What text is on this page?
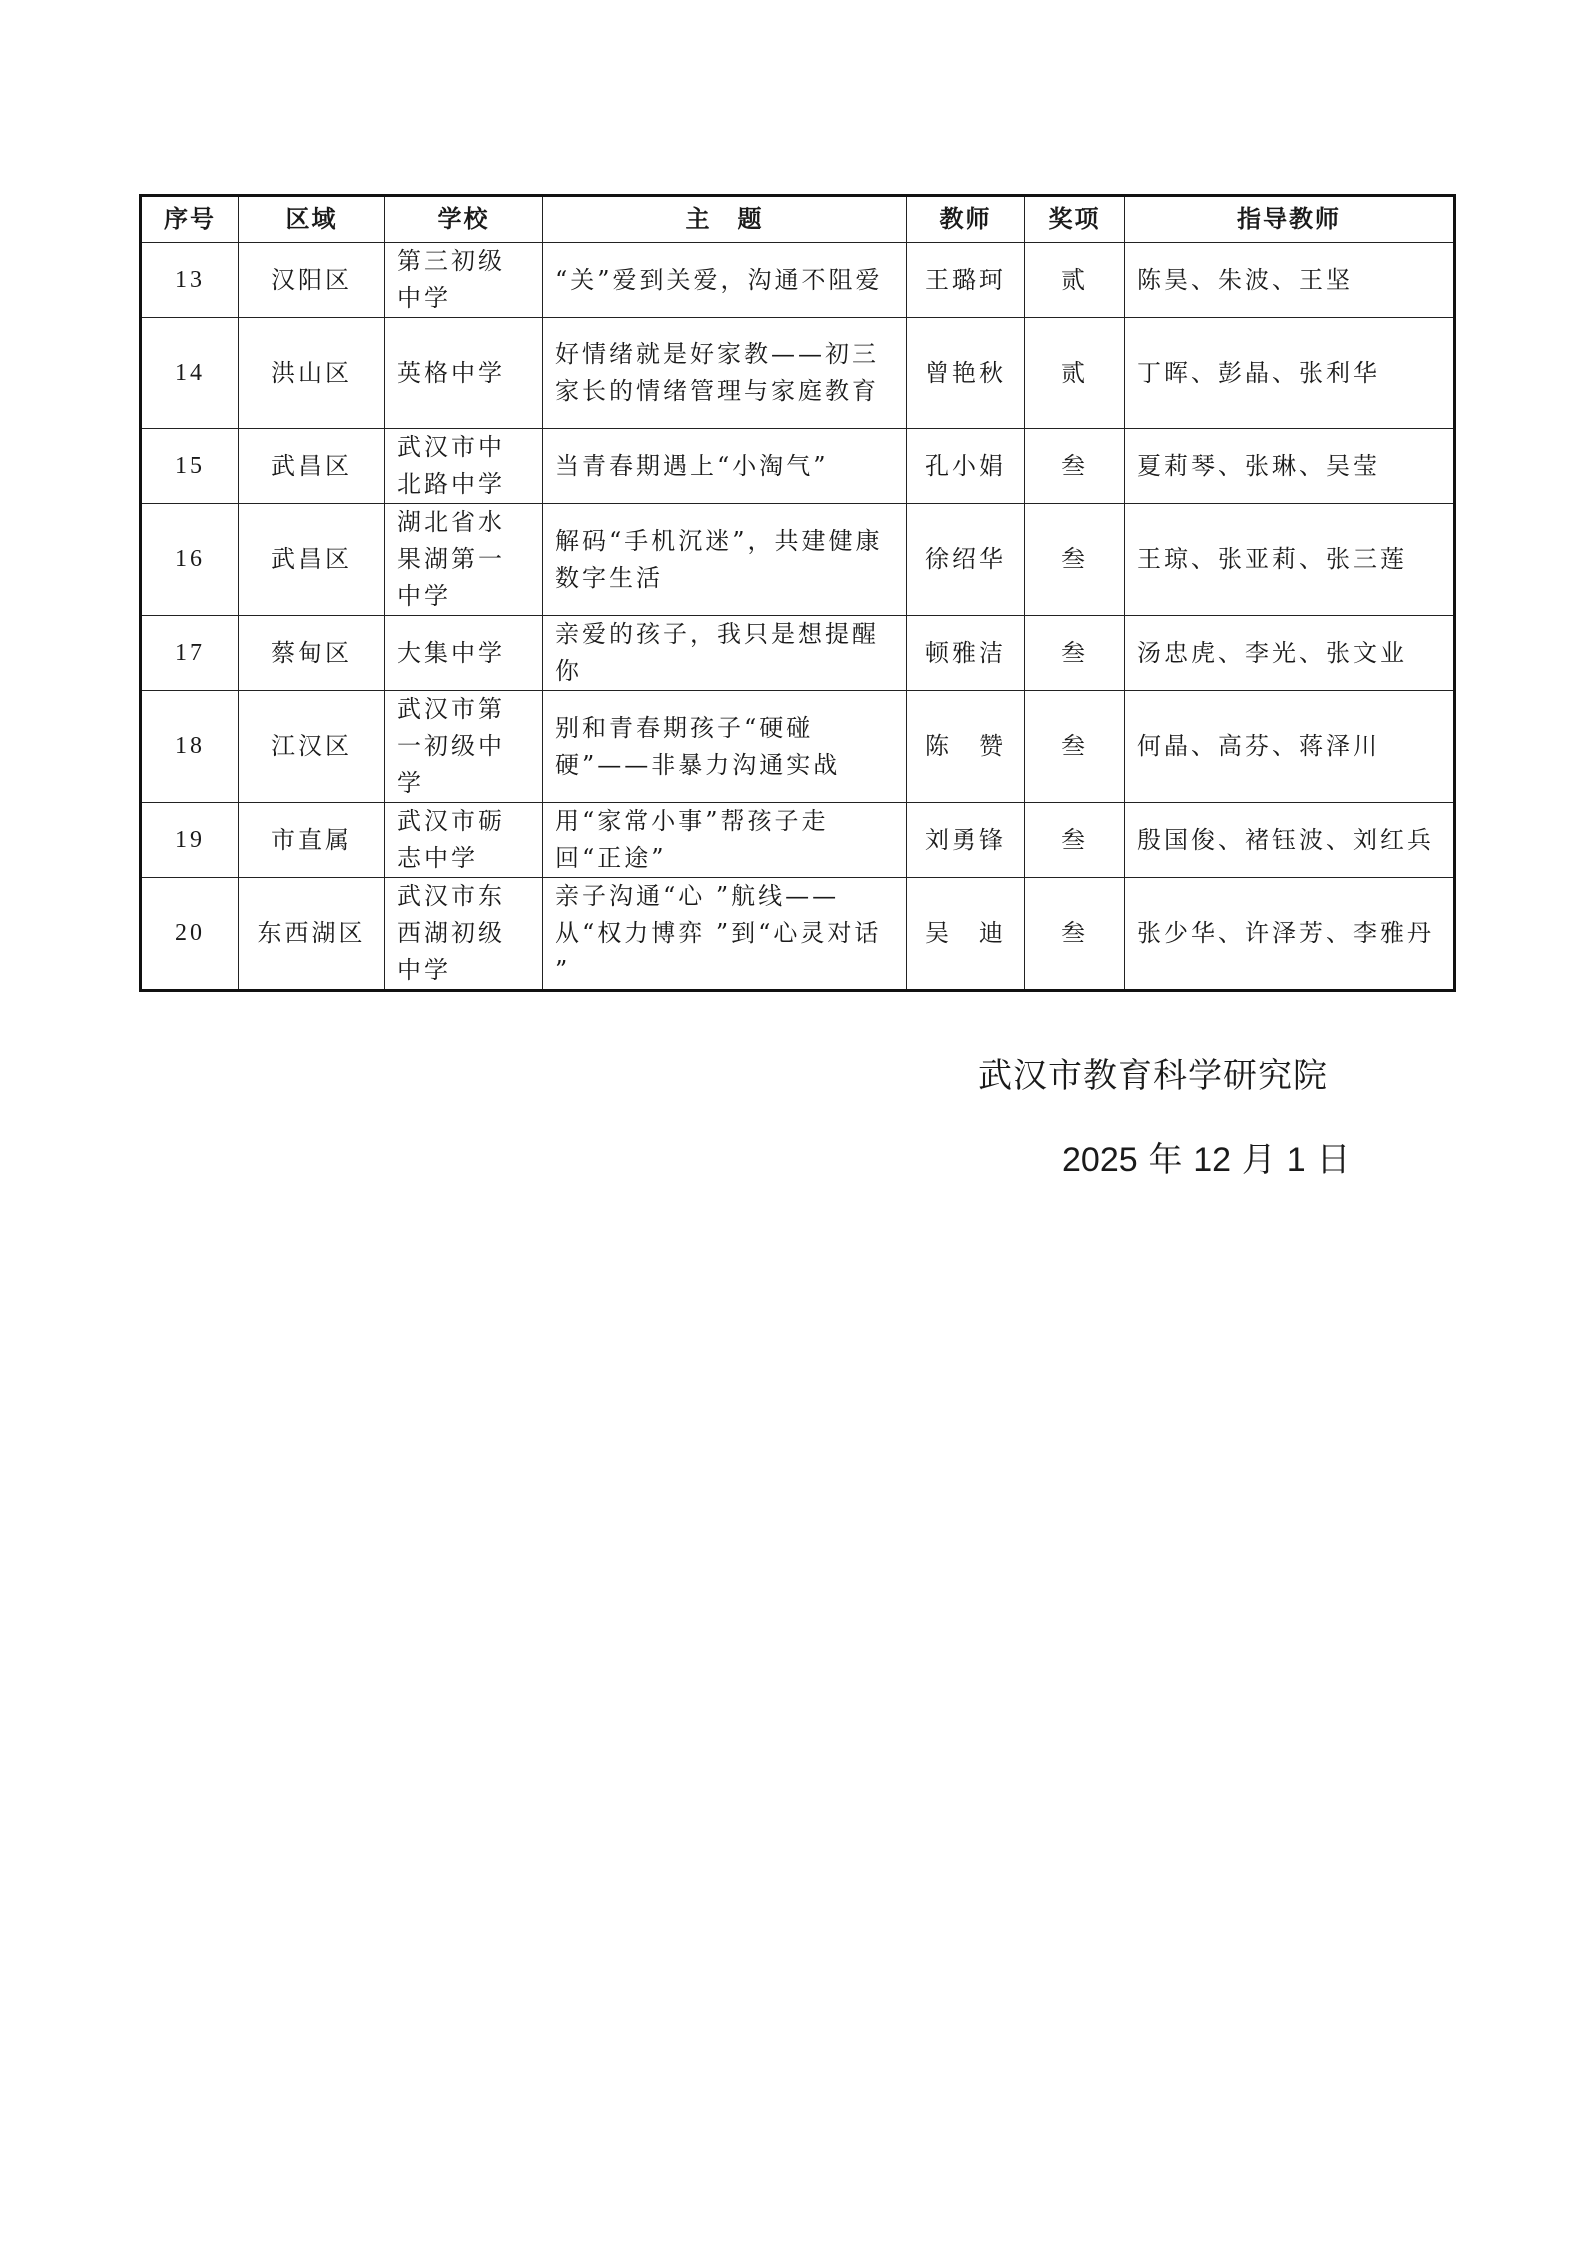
序号	区域	学校	主　题	教师	奖项	指导教师
13	汉阳区	第三初级中学	“关”爱到关爱，沟通不阻爱	王璐珂	贰	陈昊、朱波、王坚
14	洪山区	英格中学	好情绪就是好家教——初三家长的情绪管理与家庭教育	曾艳秋	贰	丁晖、彭晶、张利华
15	武昌区	武汉市中北路中学	当青春期遇上“小淘气”	孔小娟	叁	夏莉琴、张琳、吴莹
16	武昌区	湖北省水果湖第一中学	解码“手机沉迷”，共建健康数字生活	徐绍华	叁	王琼、张亚莉、张三莲
17	蔡甸区	大集中学	亲爱的孩子，我只是想提醒你	顿雅洁	叁	汤忠虎、李光、张文业
18	江汉区	武汉市第一初级中学	别和青春期孩子“硬碰硬”——非暴力沟通实战	陈　赞	叁	何晶、高芬、蒋泽川
19	市直属	武汉市砺志中学	用“家常小事”帮孩子走回“正途”	刘勇锋	叁	殷国俊、褚钰波、刘红兵
20	东西湖区	武汉市东西湖初级中学	亲子沟通“心 ”航线——从“权力博弈 ”到“心灵对话 ”	吴　迪	叁	张少华、许泽芳、李雅丹
武汉市教育科学研究院
2025 年 12 月 1 日
